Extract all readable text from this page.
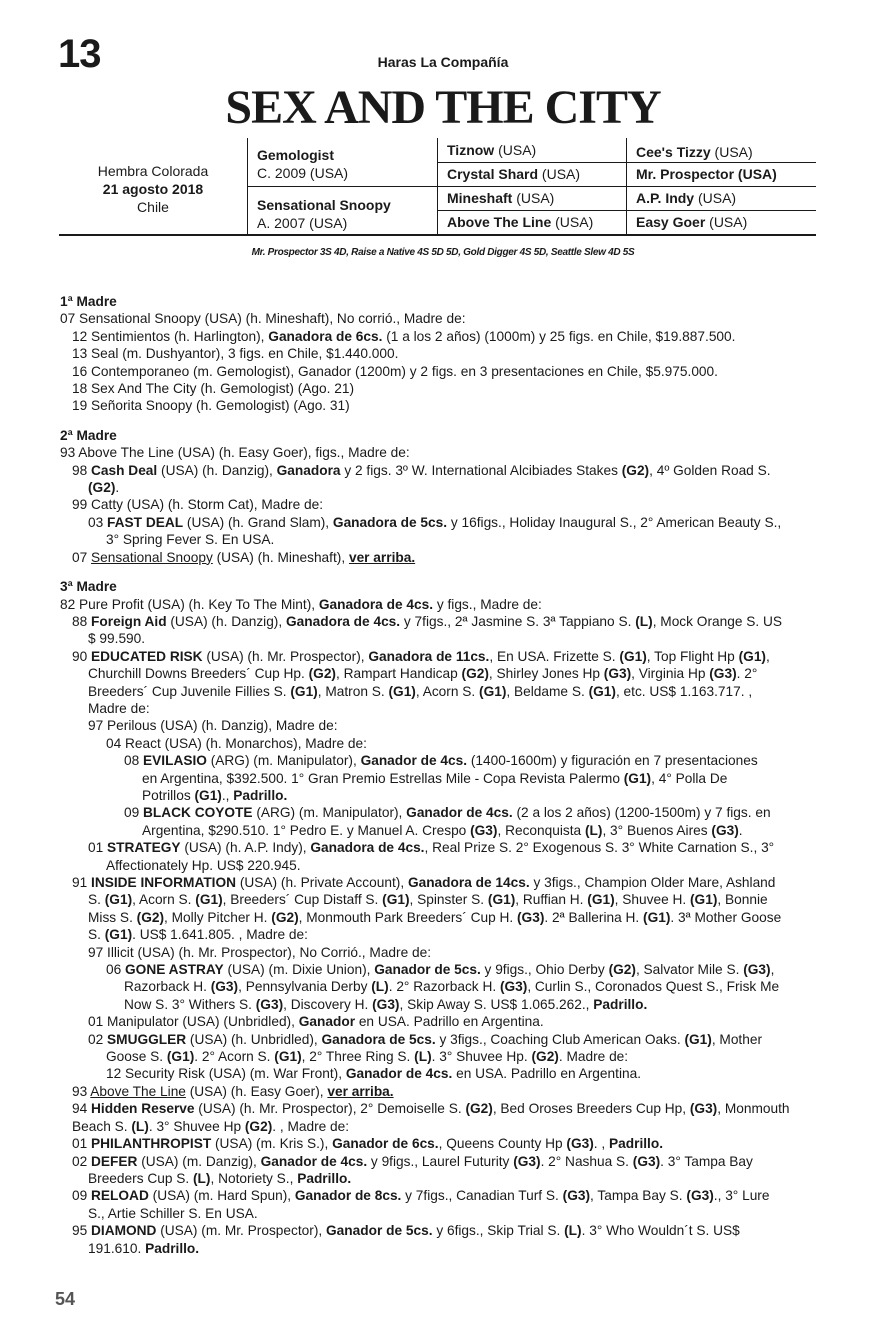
13	Haras La Compañía
SEX AND THE CITY
Hembra Colorada
21 agosto 2018
Chile
Gemologist
C. 2009 (USA)
Sensational Snoopy
A. 2007 (USA)
Tiznow (USA)
Crystal Shard (USA)
Mineshaft (USA)
Above The Line (USA)
Cee's Tizzy (USA)
Mr. Prospector (USA)
A.P. Indy (USA)
Easy Goer (USA)
Mr. Prospector 3S 4D, Raise a Native 4S 5D 5D, Gold Digger 4S 5D, Seattle Slew 4D 5S
1ª Madre
07 Sensational Snoopy (USA) (h. Mineshaft), No corrió., Madre de:
12 Sentimientos (h. Harlington), Ganadora de 6cs. (1 a los 2 años) (1000m) y 25 figs. en Chile, $19.887.500.
13 Seal (m. Dushyantor), 3 figs. en Chile, $1.440.000.
16 Contemporaneo (m. Gemologist), Ganador (1200m) y 2 figs. en 3 presentaciones en Chile, $5.975.000.
18 Sex And The City (h. Gemologist) (Ago. 21)
19 Señorita Snoopy (h. Gemologist) (Ago. 31)
2ª Madre
93 Above The Line (USA) (h. Easy Goer), figs., Madre de:
98 Cash Deal (USA) (h. Danzig), Ganadora y 2 figs. 3º W. International Alcibiades Stakes (G2), 4º Golden Road S.
(G2).
99 Catty (USA) (h. Storm Cat), Madre de:
03 FAST DEAL (USA) (h. Grand Slam), Ganadora de 5cs. y 16figs., Holiday Inaugural S., 2° American Beauty S.,
3° Spring Fever S. En USA.
07 Sensational Snoopy (USA) (h. Mineshaft), ver arriba.
3ª Madre
82 Pure Profit (USA) (h. Key To The Mint), Ganadora de 4cs. y figs., Madre de:
88 Foreign Aid (USA) (h. Danzig), Ganadora de 4cs. y 7figs., 2ª Jasmine S. 3ª Tappiano S. (L), Mock Orange S. US
$ 99.590.
90 EDUCATED RISK (USA) (h. Mr. Prospector), Ganadora de 11cs., En USA. Frizette S. (G1), Top Flight Hp (G1),
Churchill Downs Breeders´ Cup Hp. (G2), Rampart Handicap (G2), Shirley Jones Hp (G3), Virginia Hp (G3). 2°
Breeders´ Cup Juvenile Fillies S. (G1), Matron S. (G1), Acorn S. (G1), Beldame S. (G1), etc. US$ 1.163.717. ,
Madre de:
97 Perilous (USA) (h. Danzig), Madre de:
04 React (USA) (h. Monarchos), Madre de:
08 EVILASIO (ARG) (m. Manipulator), Ganador de 4cs. (1400-1600m) y figuración en 7 presentaciones
en Argentina, $392.500. 1° Gran Premio Estrellas Mile - Copa Revista Palermo (G1), 4° Polla De
Potrillos (G1)., Padrillo.
09 BLACK COYOTE (ARG) (m. Manipulator), Ganador de 4cs. (2 a los 2 años) (1200-1500m) y 7 figs. en
Argentina, $290.510. 1° Pedro E. y Manuel A. Crespo (G3), Reconquista (L), 3° Buenos Aires (G3).
01 STRATEGY (USA) (h. A.P. Indy), Ganadora de 4cs., Real Prize S. 2° Exogenous S. 3° White Carnation S., 3°
Affectionately Hp. US$ 220.945.
91 INSIDE INFORMATION (USA) (h. Private Account), Ganadora de 14cs. y 3figs., Champion Older Mare, Ashland
S. (G1), Acorn S. (G1), Breeders´ Cup Distaff S. (G1), Spinster S. (G1), Ruffian H. (G1), Shuvee H. (G1), Bonnie
Miss S. (G2), Molly Pitcher H. (G2), Monmouth Park Breeders´ Cup H. (G3). 2ª Ballerina H. (G1). 3ª Mother Goose
S. (G1). US$ 1.641.805. , Madre de:
97 Illicit (USA) (h. Mr. Prospector), No Corrió., Madre de:
06 GONE ASTRAY (USA) (m. Dixie Union), Ganador de 5cs. y 9figs., Ohio Derby (G2), Salvator Mile S. (G3),
Razorback H. (G3), Pennsylvania Derby (L). 2° Razorback H. (G3), Curlin S., Coronados Quest S., Frisk Me
Now S. 3° Withers S. (G3), Discovery H. (G3), Skip Away S. US$ 1.065.262., Padrillo.
01 Manipulator (USA) (Unbridled), Ganador en USA. Padrillo en Argentina.
02 SMUGGLER (USA) (h. Unbridled), Ganadora de 5cs. y 3figs., Coaching Club American Oaks. (G1), Mother
Goose S. (G1). 2° Acorn S. (G1), 2° Three Ring S. (L). 3° Shuvee Hp. (G2). Madre de:
12 Security Risk (USA) (m. War Front), Ganador de 4cs. en USA. Padrillo en Argentina.
93 Above The Line (USA) (h. Easy Goer), ver arriba.
94 Hidden Reserve (USA) (h. Mr. Prospector), 2° Demoiselle S. (G2), Bed Oroses Breeders Cup Hp, (G3), Monmouth
Beach S. (L). 3° Shuvee Hp (G2). , Madre de:
01 PHILANTHROPIST (USA) (m. Kris S.), Ganador de 6cs., Queens County Hp (G3). , Padrillo.
02 DEFER (USA) (m. Danzig), Ganador de 4cs. y 9figs., Laurel Futurity (G3). 2° Nashua S. (G3). 3° Tampa Bay
Breeders Cup S. (L), Notoriety S., Padrillo.
09 RELOAD (USA) (m. Hard Spun), Ganador de 8cs. y 7figs., Canadian Turf S. (G3), Tampa Bay S. (G3)., 3° Lure
S., Artie Schiller S. En USA.
95 DIAMOND (USA) (m. Mr. Prospector), Ganador de 5cs. y 6figs., Skip Trial S. (L). 3° Who Wouldn´t S. US$
191.610. Padrillo.
54
